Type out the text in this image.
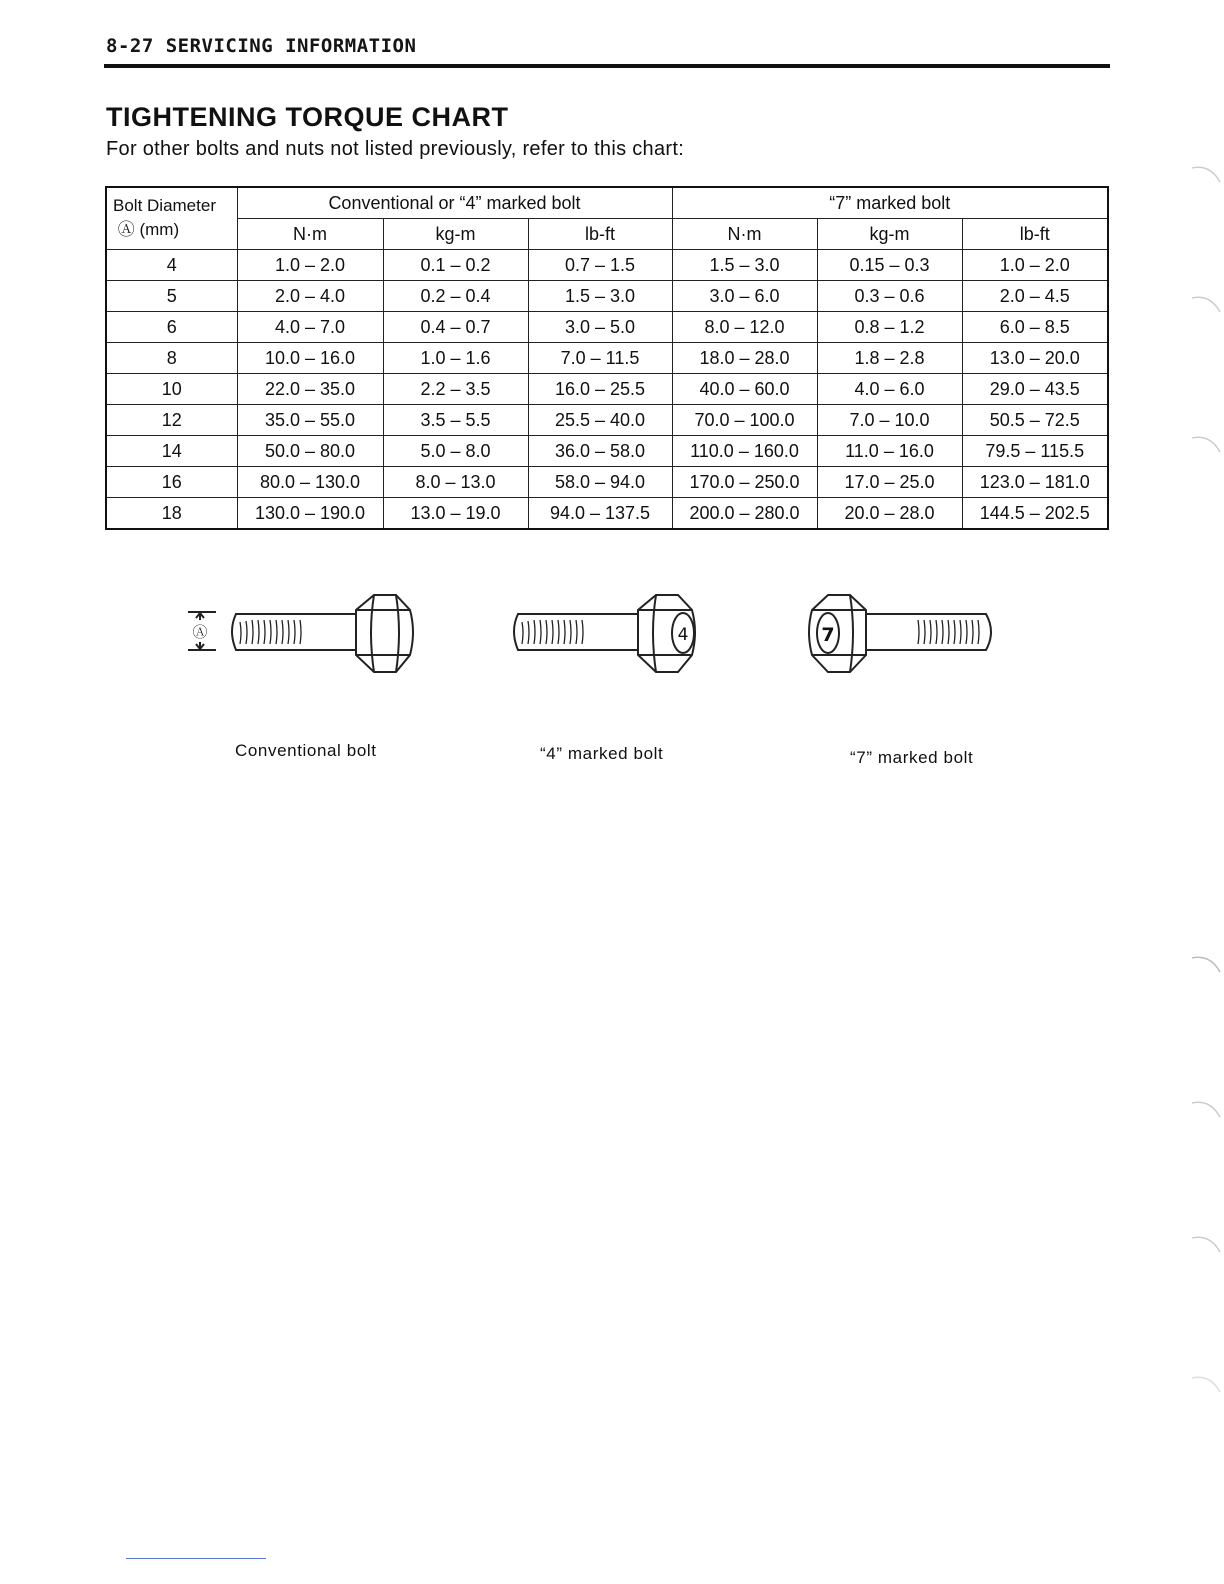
8-27 SERVICING INFORMATION
TIGHTENING TORQUE CHART

For other bolts and nuts not listed previously, refer to this chart:

Bolt Diameter
Ⓐ (mm)	Conventional or “4” marked bolt			“7” marked bolt		
	N·m	kg-m	lb-ft	N·m	kg-m	lb-ft
4	1.0 – 2.0	0.1 – 0.2	0.7 – 1.5	1.5 – 3.0	0.15 – 0.3	1.0 – 2.0
5	2.0 – 4.0	0.2 – 0.4	1.5 – 3.0	3.0 – 6.0	0.3 – 0.6	2.0 – 4.5
6	4.0 – 7.0	0.4 – 0.7	3.0 – 5.0	8.0 – 12.0	0.8 – 1.2	6.0 – 8.5
8	10.0 – 16.0	1.0 – 1.6	7.0 – 11.5	18.0 – 28.0	1.8 – 2.8	13.0 – 20.0
10	22.0 – 35.0	2.2 – 3.5	16.0 – 25.5	40.0 – 60.0	4.0 – 6.0	29.0 – 43.5
12	35.0 – 55.0	3.5 – 5.5	25.5 – 40.0	70.0 – 100.0	7.0 – 10.0	50.5 – 72.5
14	50.0 – 80.0	5.0 – 8.0	36.0 – 58.0	110.0 – 160.0	11.0 – 16.0	79.5 – 115.5
16	80.0 – 130.0	8.0 – 13.0	58.0 – 94.0	170.0 – 250.0	17.0 – 25.0	123.0 – 181.0
18	130.0 – 190.0	13.0 – 19.0	94.0 – 137.5	200.0 – 280.0	20.0 – 28.0	144.5 – 202.5
Ⓐ	4	7
Conventional bolt	“4” marked bolt	“7” marked bolt
